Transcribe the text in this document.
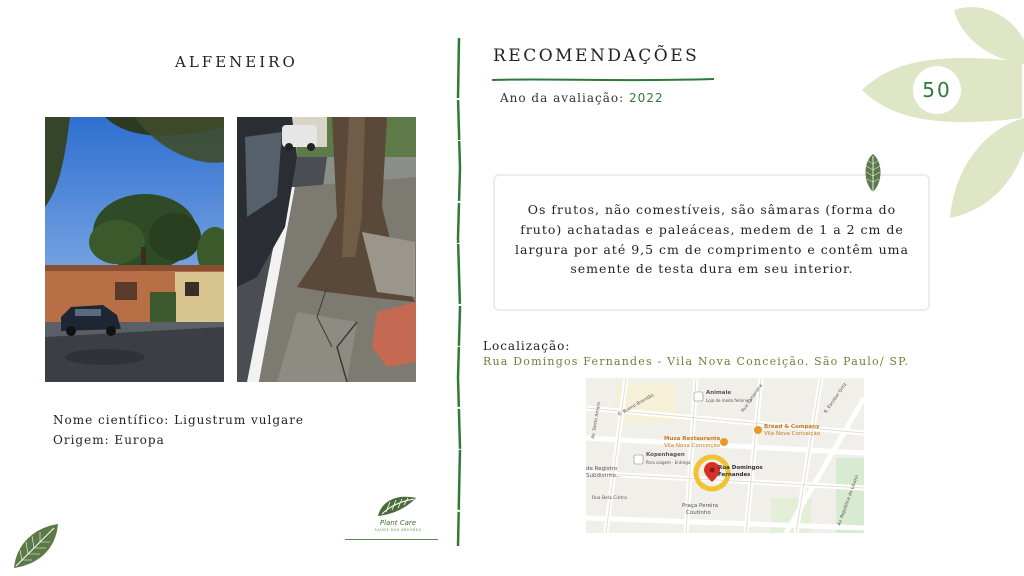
ALFENEIRO
Nome científico: Ligustrum vulgare
Origem: Europa
Plant Care
SAÚDE DAS ÁRVORES
RECOMENDAÇÕES
Ano da avaliação: 2022	50
Os frutos, não comestíveis, são sâmaras (forma do fruto) achatadas e paleáceas, medem de 1 a 2 cm de largura por até 9,5 cm de comprimento e contêm uma semente de testa dura em seu interior.
Localização:
Rua Domingos Fernandes - Vila Nova Conceição. São Paulo/ SP.
Animale
Loja de moda feminina
Rua Canjerana	R. Escobar Ortiz
R. Bueno Brandão
Av. Santo Amaro	Bread & Company
Vila Nova Conceição
Muza Restaurante
Vila Nova Conceição
Kopenhagen
Para viagem · Entrega
de Registro
Subdistrito...
Rua Domingos
Fernandes
Rua Bela Cintra
Praça Pereira
Coutinho	Av. República do Líbano
